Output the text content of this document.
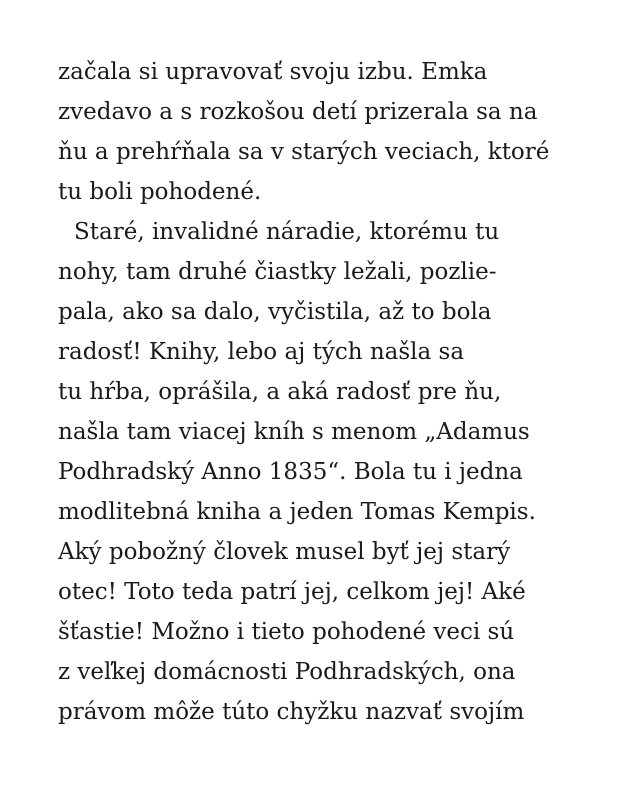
začala si upravovať svoju izbu. Emka
zvedavo a s rozkošou detí prizerala sa na
ňu a prehŕňala sa v starých veciach, ktoré
tu boli pohodené.
Staré, invalidné náradie, ktorému tu
nohy, tam druhé čiastky ležali, pozlie-
pala, ako sa dalo, vyčistila, až to bola
radosť! Knihy, lebo aj tých našla sa
tu hŕba, oprášila, a aká radosť pre ňu,
našla tam viacej kníh s menom „Adamus
Podhradský Anno 1835“. Bola tu i jedna
modlitebná kniha a jeden Tomas Kempis.
Aký pobožný človek musel byť jej starý
otec! Toto teda patrí jej, celkom jej! Aké
šťastie! Možno i tieto pohodené veci sú
z veľkej domácnosti Podhradských, ona
právom môže túto chyžku nazvať svojím
